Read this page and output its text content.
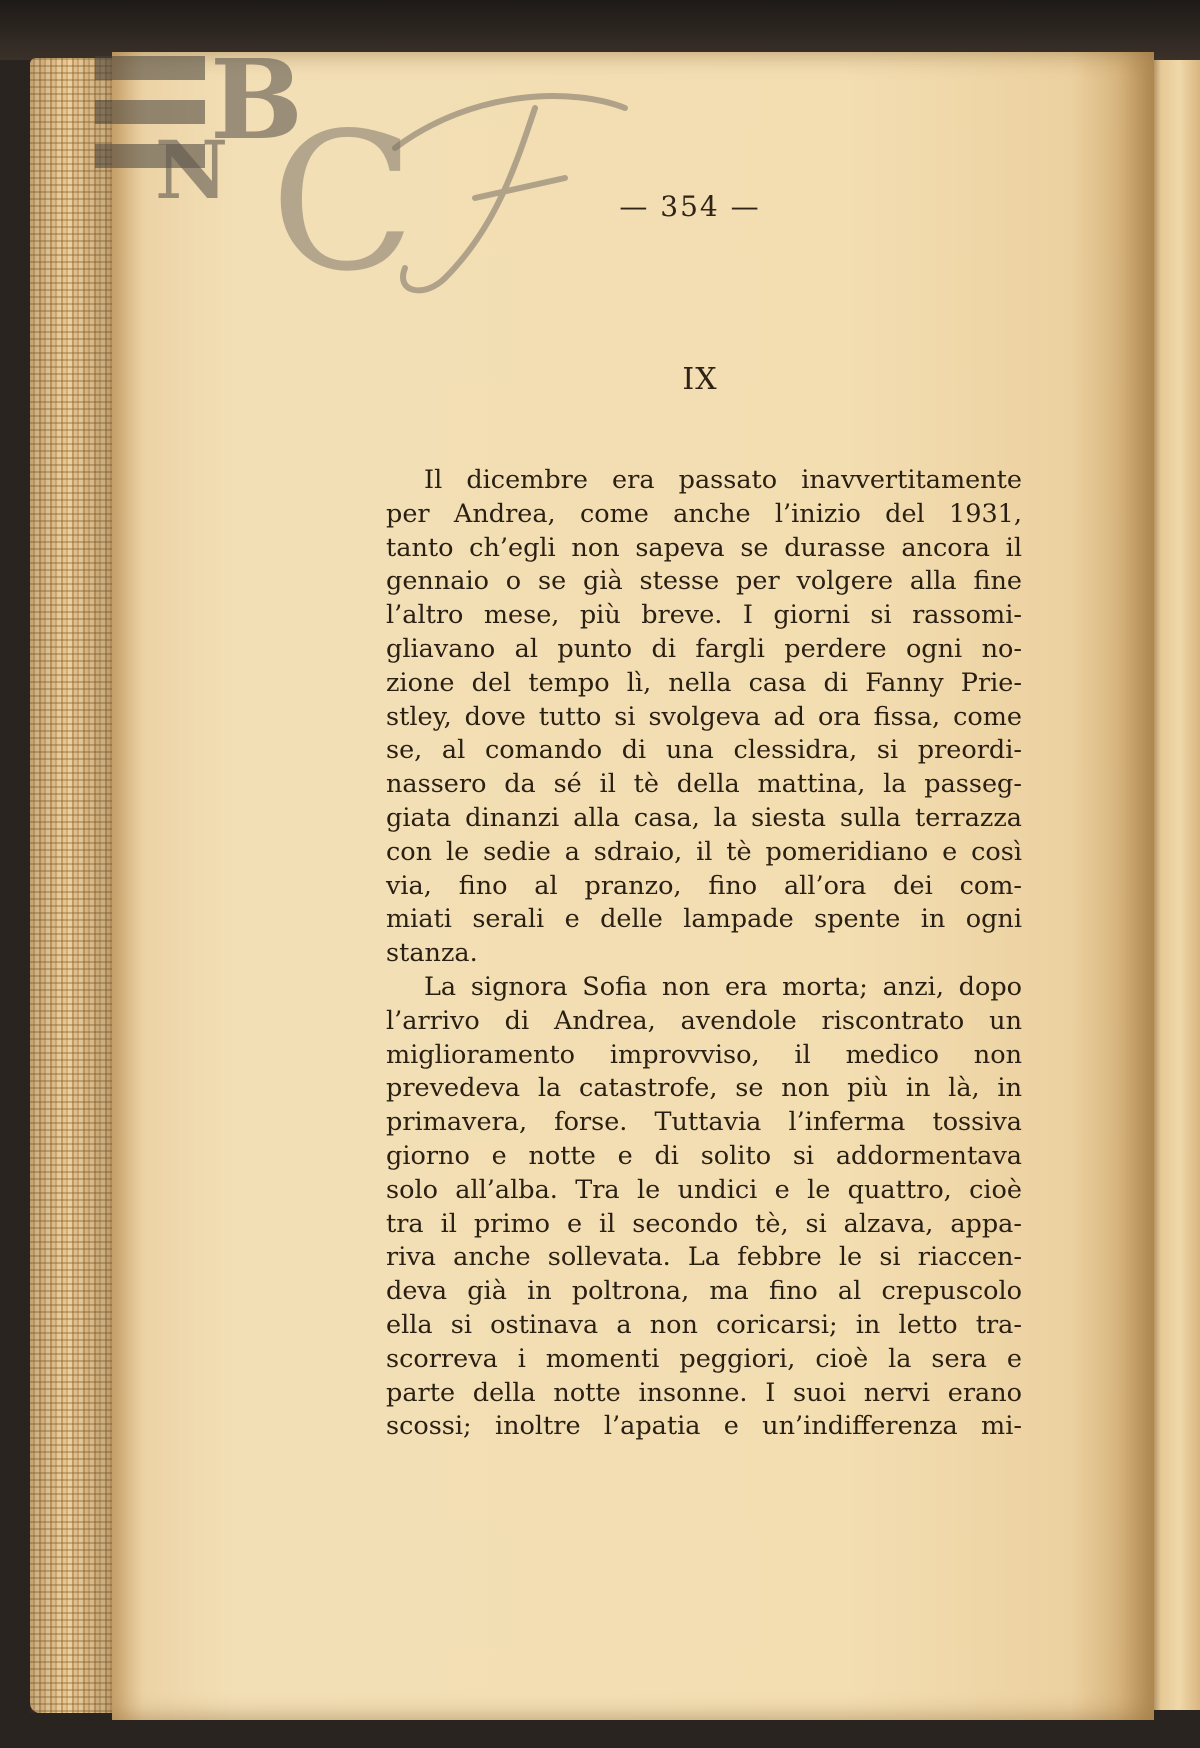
B
N C	— 354 —
IX
Il dicembre era passato inavvertitamente
per Andrea, come anche l’inizio del 1931,
tanto ch’egli non sapeva se durasse ancora il
gennaio o se già stesse per volgere alla fine
l’altro mese, più breve. I giorni si rassomi-
gliavano al punto di fargli perdere ogni no-
zione del tempo lì, nella casa di Fanny Prie-
stley, dove tutto si svolgeva ad ora fissa, come
se, al comando di una clessidra, si preordi-
nassero da sé il tè della mattina, la passeg-
giata dinanzi alla casa, la siesta sulla terrazza
con le sedie a sdraio, il tè pomeridiano e così
via, fino al pranzo, fino all’ora dei com-
miati serali e delle lampade spente in ogni
stanza.
La signora Sofia non era morta; anzi, dopo
l’arrivo di Andrea, avendole riscontrato un
miglioramento improvviso, il medico non
prevedeva la catastrofe, se non più in là, in
primavera, forse. Tuttavia l’inferma tossiva
giorno e notte e di solito si addormentava
solo all’alba. Tra le undici e le quattro, cioè
tra il primo e il secondo tè, si alzava, appa-
riva anche sollevata. La febbre le si riaccen-
deva già in poltrona, ma fino al crepuscolo
ella si ostinava a non coricarsi; in letto tra-
scorreva i momenti peggiori, cioè la sera e
parte della notte insonne. I suoi nervi erano
scossi; inoltre l’apatia e un’indifferenza mi-
